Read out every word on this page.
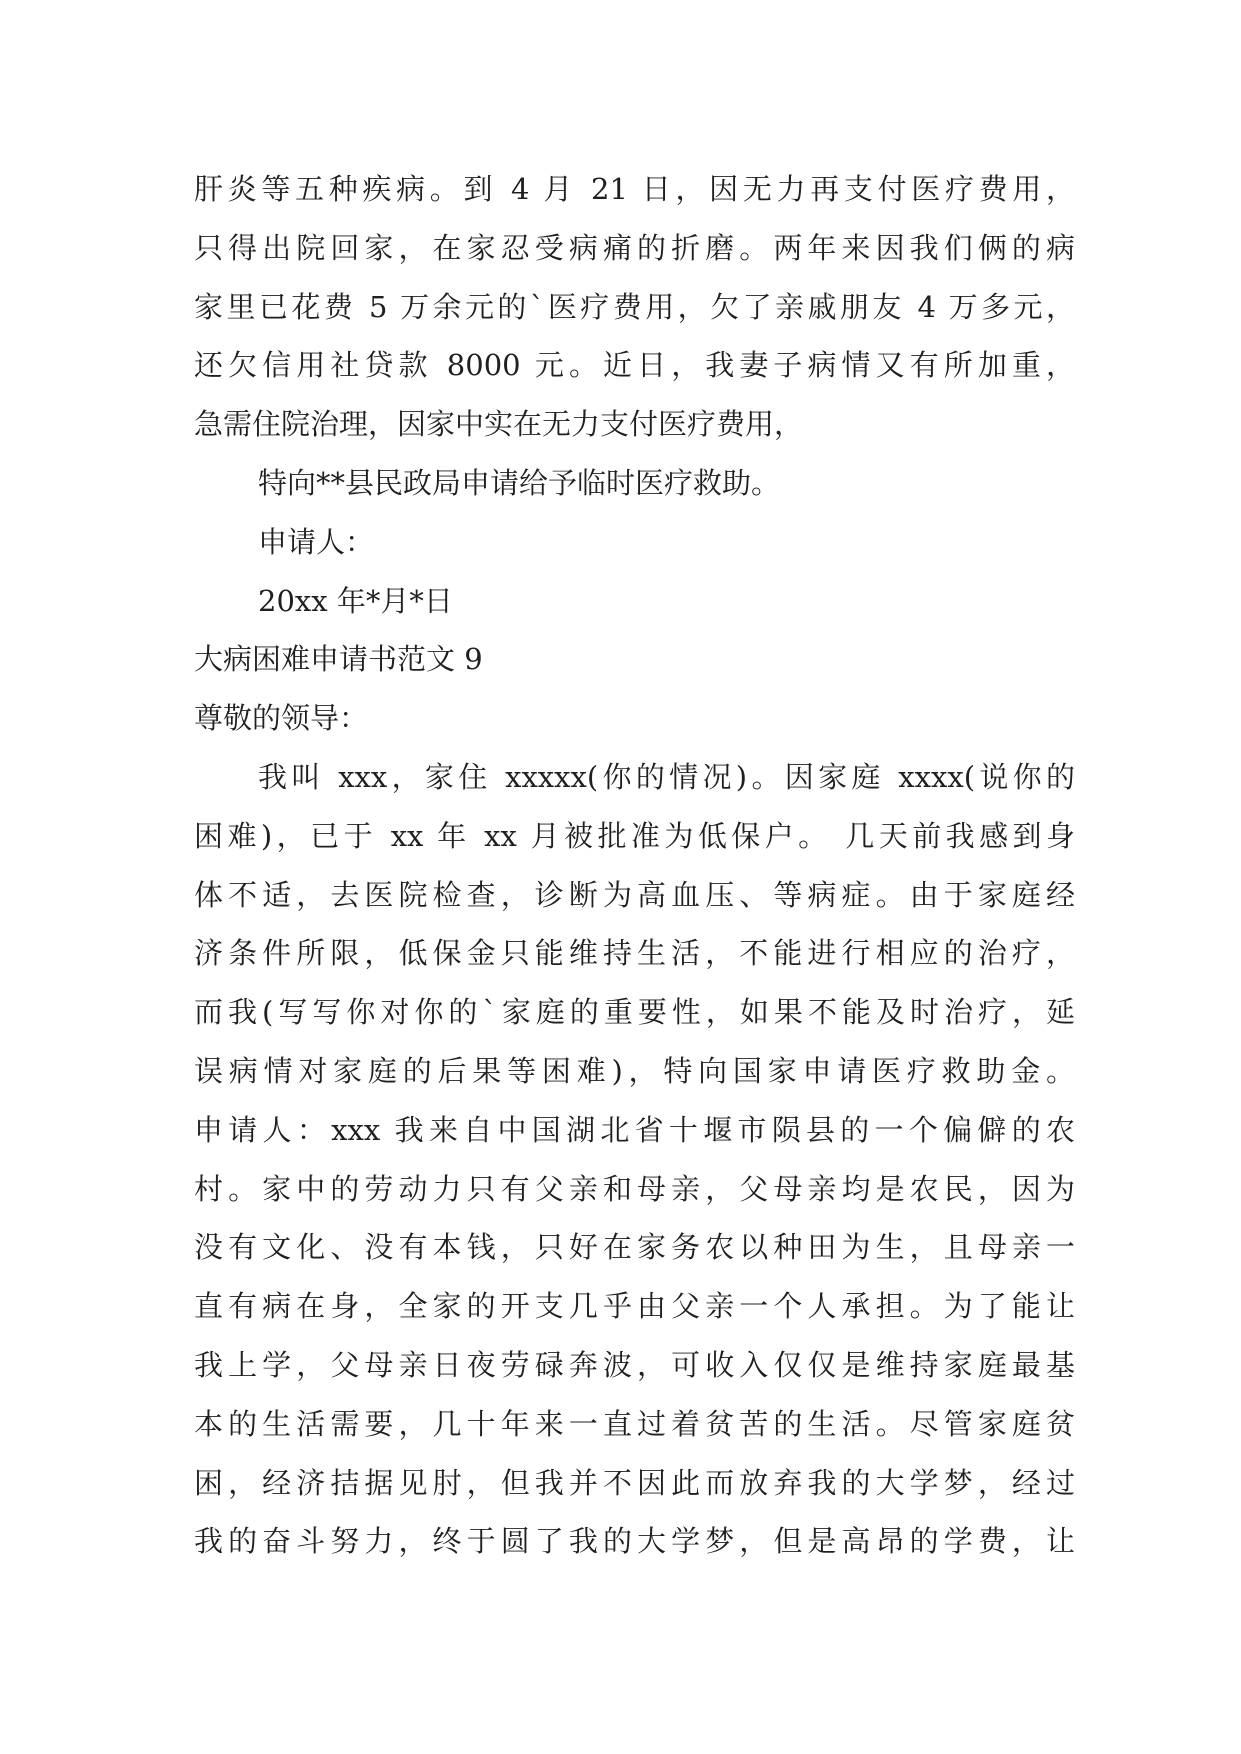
肝炎等五种疾病。到 4 月 21 日，因无力再支付医疗费用，
只得出院回家，在家忍受病痛的折磨。两年来因我们俩的病
家里已花费 5 万余元的`医疗费用，欠了亲戚朋友 4 万多元，
还欠信用社贷款 8000 元。近日，我妻子病情又有所加重，
急需住院治理，因家中实在无力支付医疗费用，
特向**县民政局申请给予临时医疗救助。
申请人：
20xx 年*月*日
大病困难申请书范文 9
尊敬的领导：
我叫 xxx，家住 xxxxx(你的情况)。因家庭 xxxx(说你的
困难)，已于 xx 年 xx 月被批准为低保户。 几天前我感到身
体不适，去医院检查，诊断为高血压、等病症。由于家庭经
济条件所限，低保金只能维持生活，不能进行相应的治疗，
而我(写写你对你的`家庭的重要性，如果不能及时治疗，延
误病情对家庭的后果等困难)，特向国家申请医疗救助金。
申请人：xxx 我来自中国湖北省十堰市陨县的一个偏僻的农
村。家中的劳动力只有父亲和母亲，父母亲均是农民，因为
没有文化、没有本钱，只好在家务农以种田为生，且母亲一
直有病在身，全家的开支几乎由父亲一个人承担。为了能让
我上学，父母亲日夜劳碌奔波，可收入仅仅是维持家庭最基
本的生活需要，几十年来一直过着贫苦的生活。尽管家庭贫
困，经济拮据见肘，但我并不因此而放弃我的大学梦，经过
我的奋斗努力，终于圆了我的大学梦，但是高昂的学费，让
